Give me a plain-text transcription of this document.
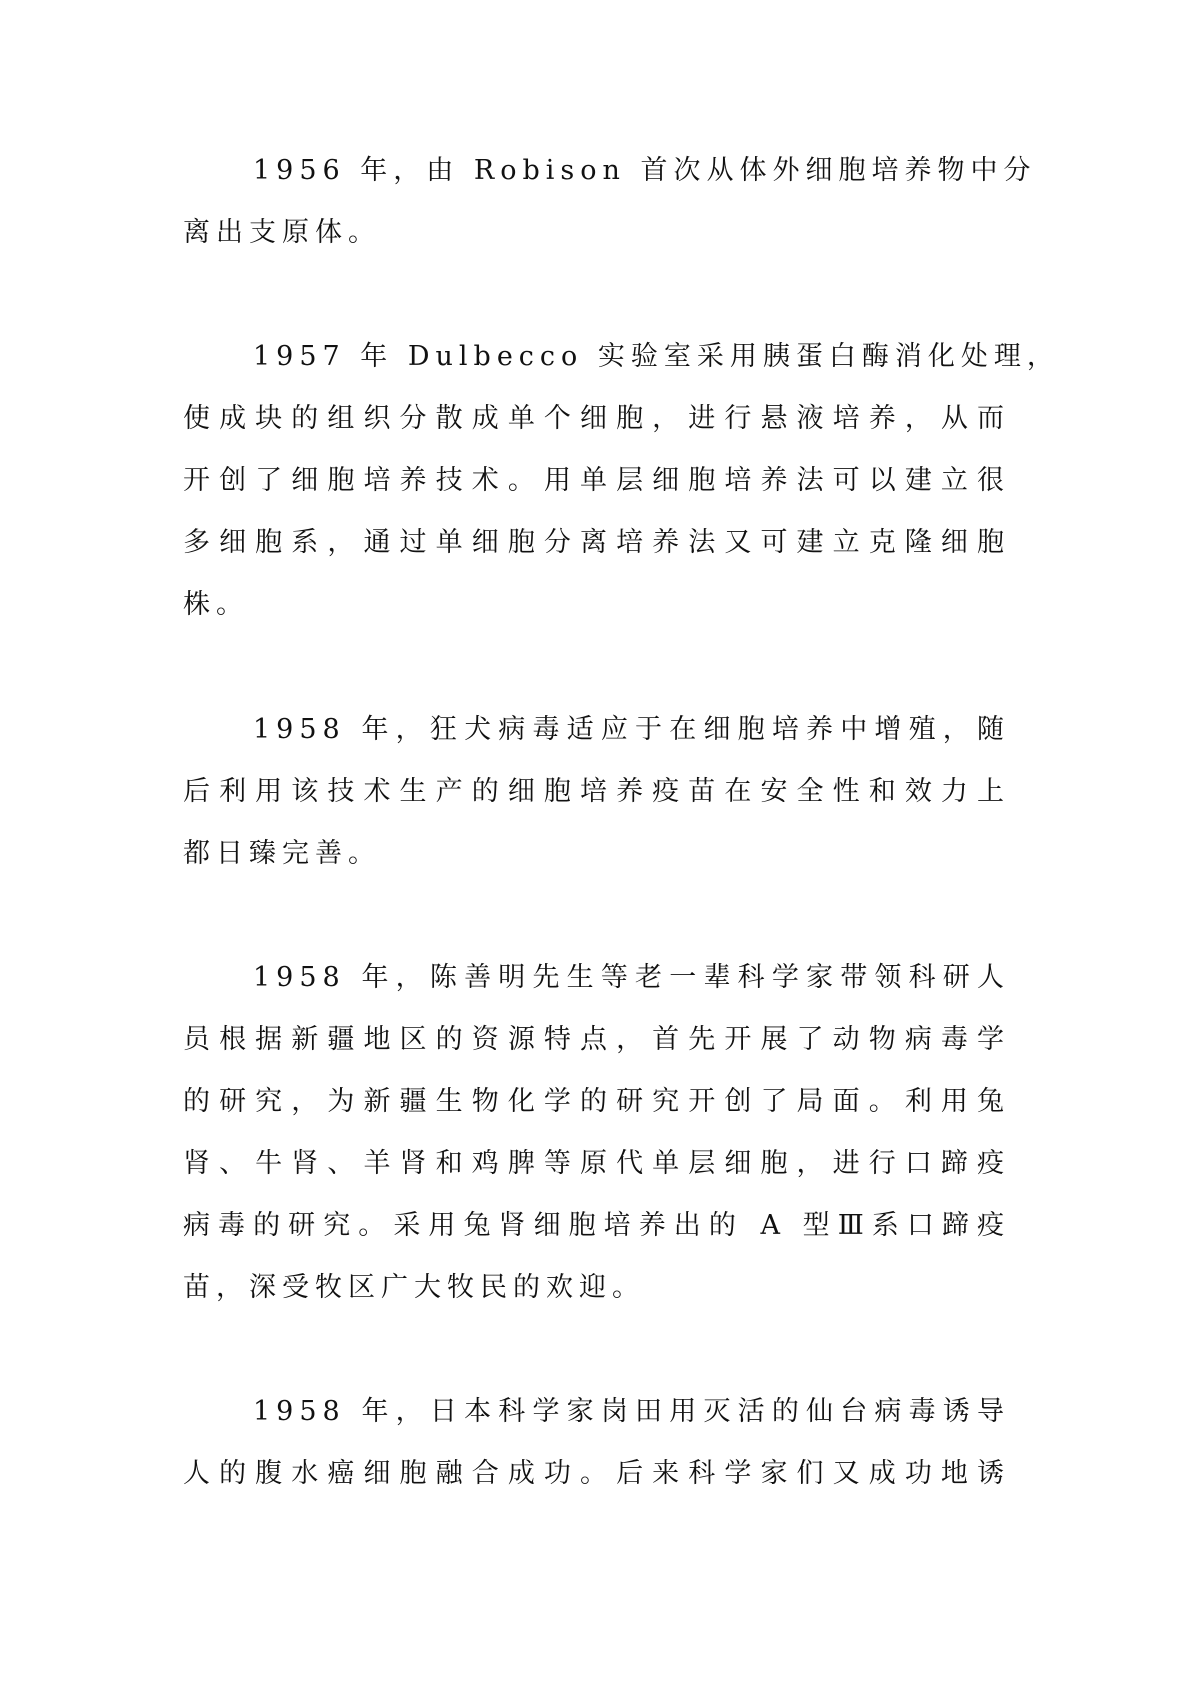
1956 年，由 Robison 首次从体外细胞培养物中分
离出支原体。
1957 年 Dulbecco 实验室采用胰蛋白酶消化处理，
使成块的组织分散成单个细胞，进行悬液培养，从而
开创了细胞培养技术。用单层细胞培养法可以建立很
多细胞系，通过单细胞分离培养法又可建立克隆细胞
株。
1958 年，狂犬病毒适应于在细胞培养中增殖，随
后利用该技术生产的细胞培养疫苗在安全性和效力上
都日臻完善。
1958 年，陈善明先生等老一辈科学家带领科研人
员根据新疆地区的资源特点，首先开展了动物病毒学
的研究，为新疆生物化学的研究开创了局面。利用兔
肾、牛肾、羊肾和鸡脾等原代单层细胞，进行口蹄疫
病毒的研究。采用兔肾细胞培养出的 A 型Ⅲ系口蹄疫
苗，深受牧区广大牧民的欢迎。
1958 年，日本科学家岗田用灭活的仙台病毒诱导
人的腹水癌细胞融合成功。后来科学家们又成功地诱
